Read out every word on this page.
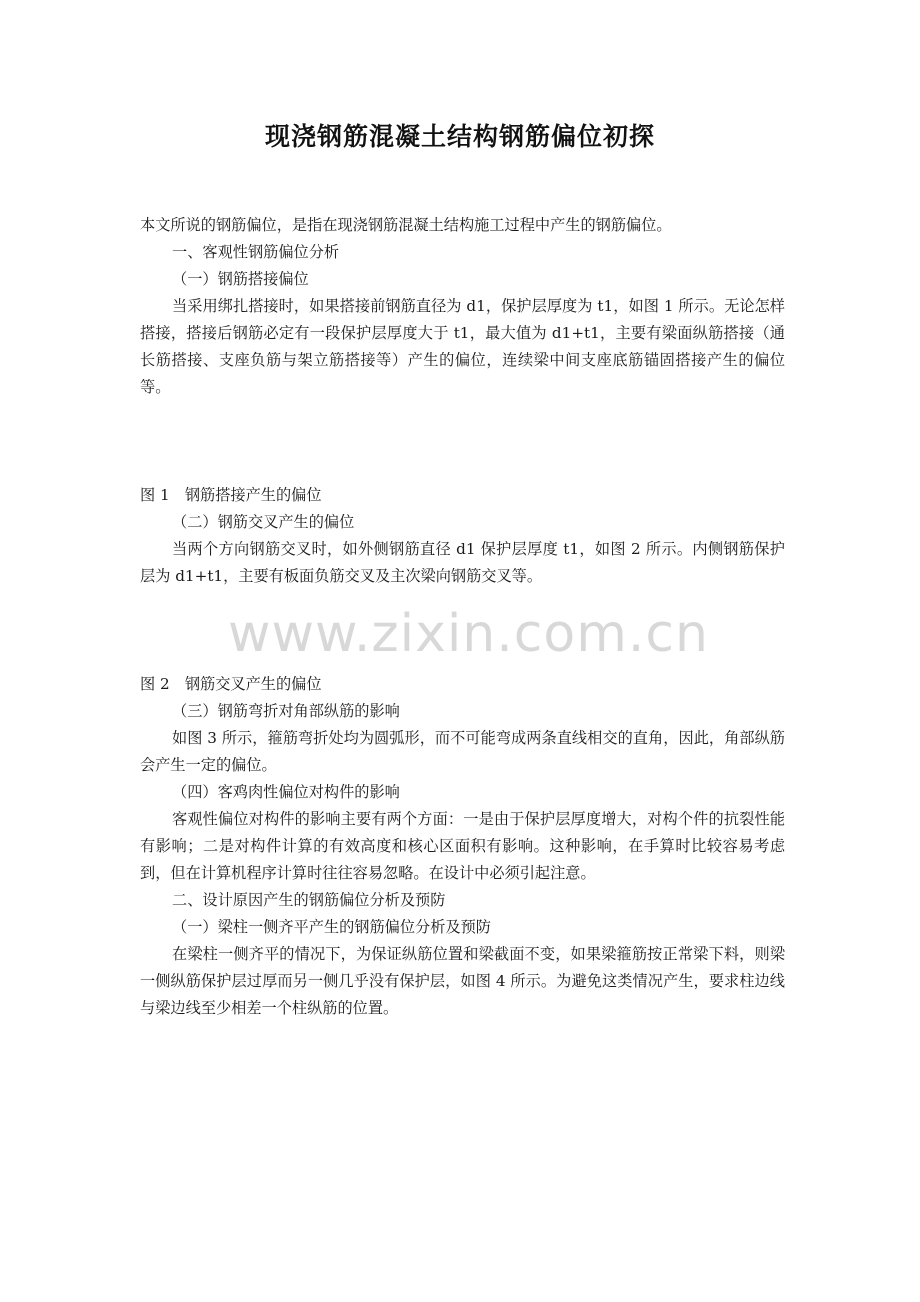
现浇钢筋混凝土结构钢筋偏位初探
www.zixin.com.cn

本文所说的钢筋偏位，是指在现浇钢筋混凝土结构施工过程中产生的钢筋偏位。

一、客观性钢筋偏位分析

（一）钢筋搭接偏位

当采用绑扎搭接时，如果搭接前钢筋直径为 d1，保护层厚度为 t1，如图 1 所示。无论怎样搭接，搭接后钢筋必定有一段保护层厚度大于 t1，最大值为 d1+t1，主要有梁面纵筋搭接（通长筋搭接、支座负筋与架立筋搭接等）产生的偏位，连续梁中间支座底筋锚固搭接产生的偏位等。

图 1　钢筋搭接产生的偏位

（二）钢筋交叉产生的偏位

当两个方向钢筋交叉时，如外侧钢筋直径 d1 保护层厚度 t1，如图 2 所示。内侧钢筋保护层为 d1+t1，主要有板面负筋交叉及主次梁向钢筋交叉等。

图 2　钢筋交叉产生的偏位

（三）钢筋弯折对角部纵筋的影响

如图 3 所示，箍筋弯折处均为圆弧形，而不可能弯成两条直线相交的直角，因此，角部纵筋会产生一定的偏位。

（四）客鸡肉性偏位对构件的影响

客观性偏位对构件的影响主要有两个方面：一是由于保护层厚度增大，对构个件的抗裂性能有影响；二是对构件计算的有效高度和核心区面积有影响。这种影响，在手算时比较容易考虑到，但在计算机程序计算时往往容易忽略。在设计中必须引起注意。

二、设计原因产生的钢筋偏位分析及预防

（一）梁柱一侧齐平产生的钢筋偏位分析及预防

在梁柱一侧齐平的情况下，为保证纵筋位置和梁截面不变，如果梁箍筋按正常梁下料，则梁一侧纵筋保护层过厚而另一侧几乎没有保护层，如图 4 所示。为避免这类情况产生，要求柱边线与梁边线至少相差一个柱纵筋的位置。
